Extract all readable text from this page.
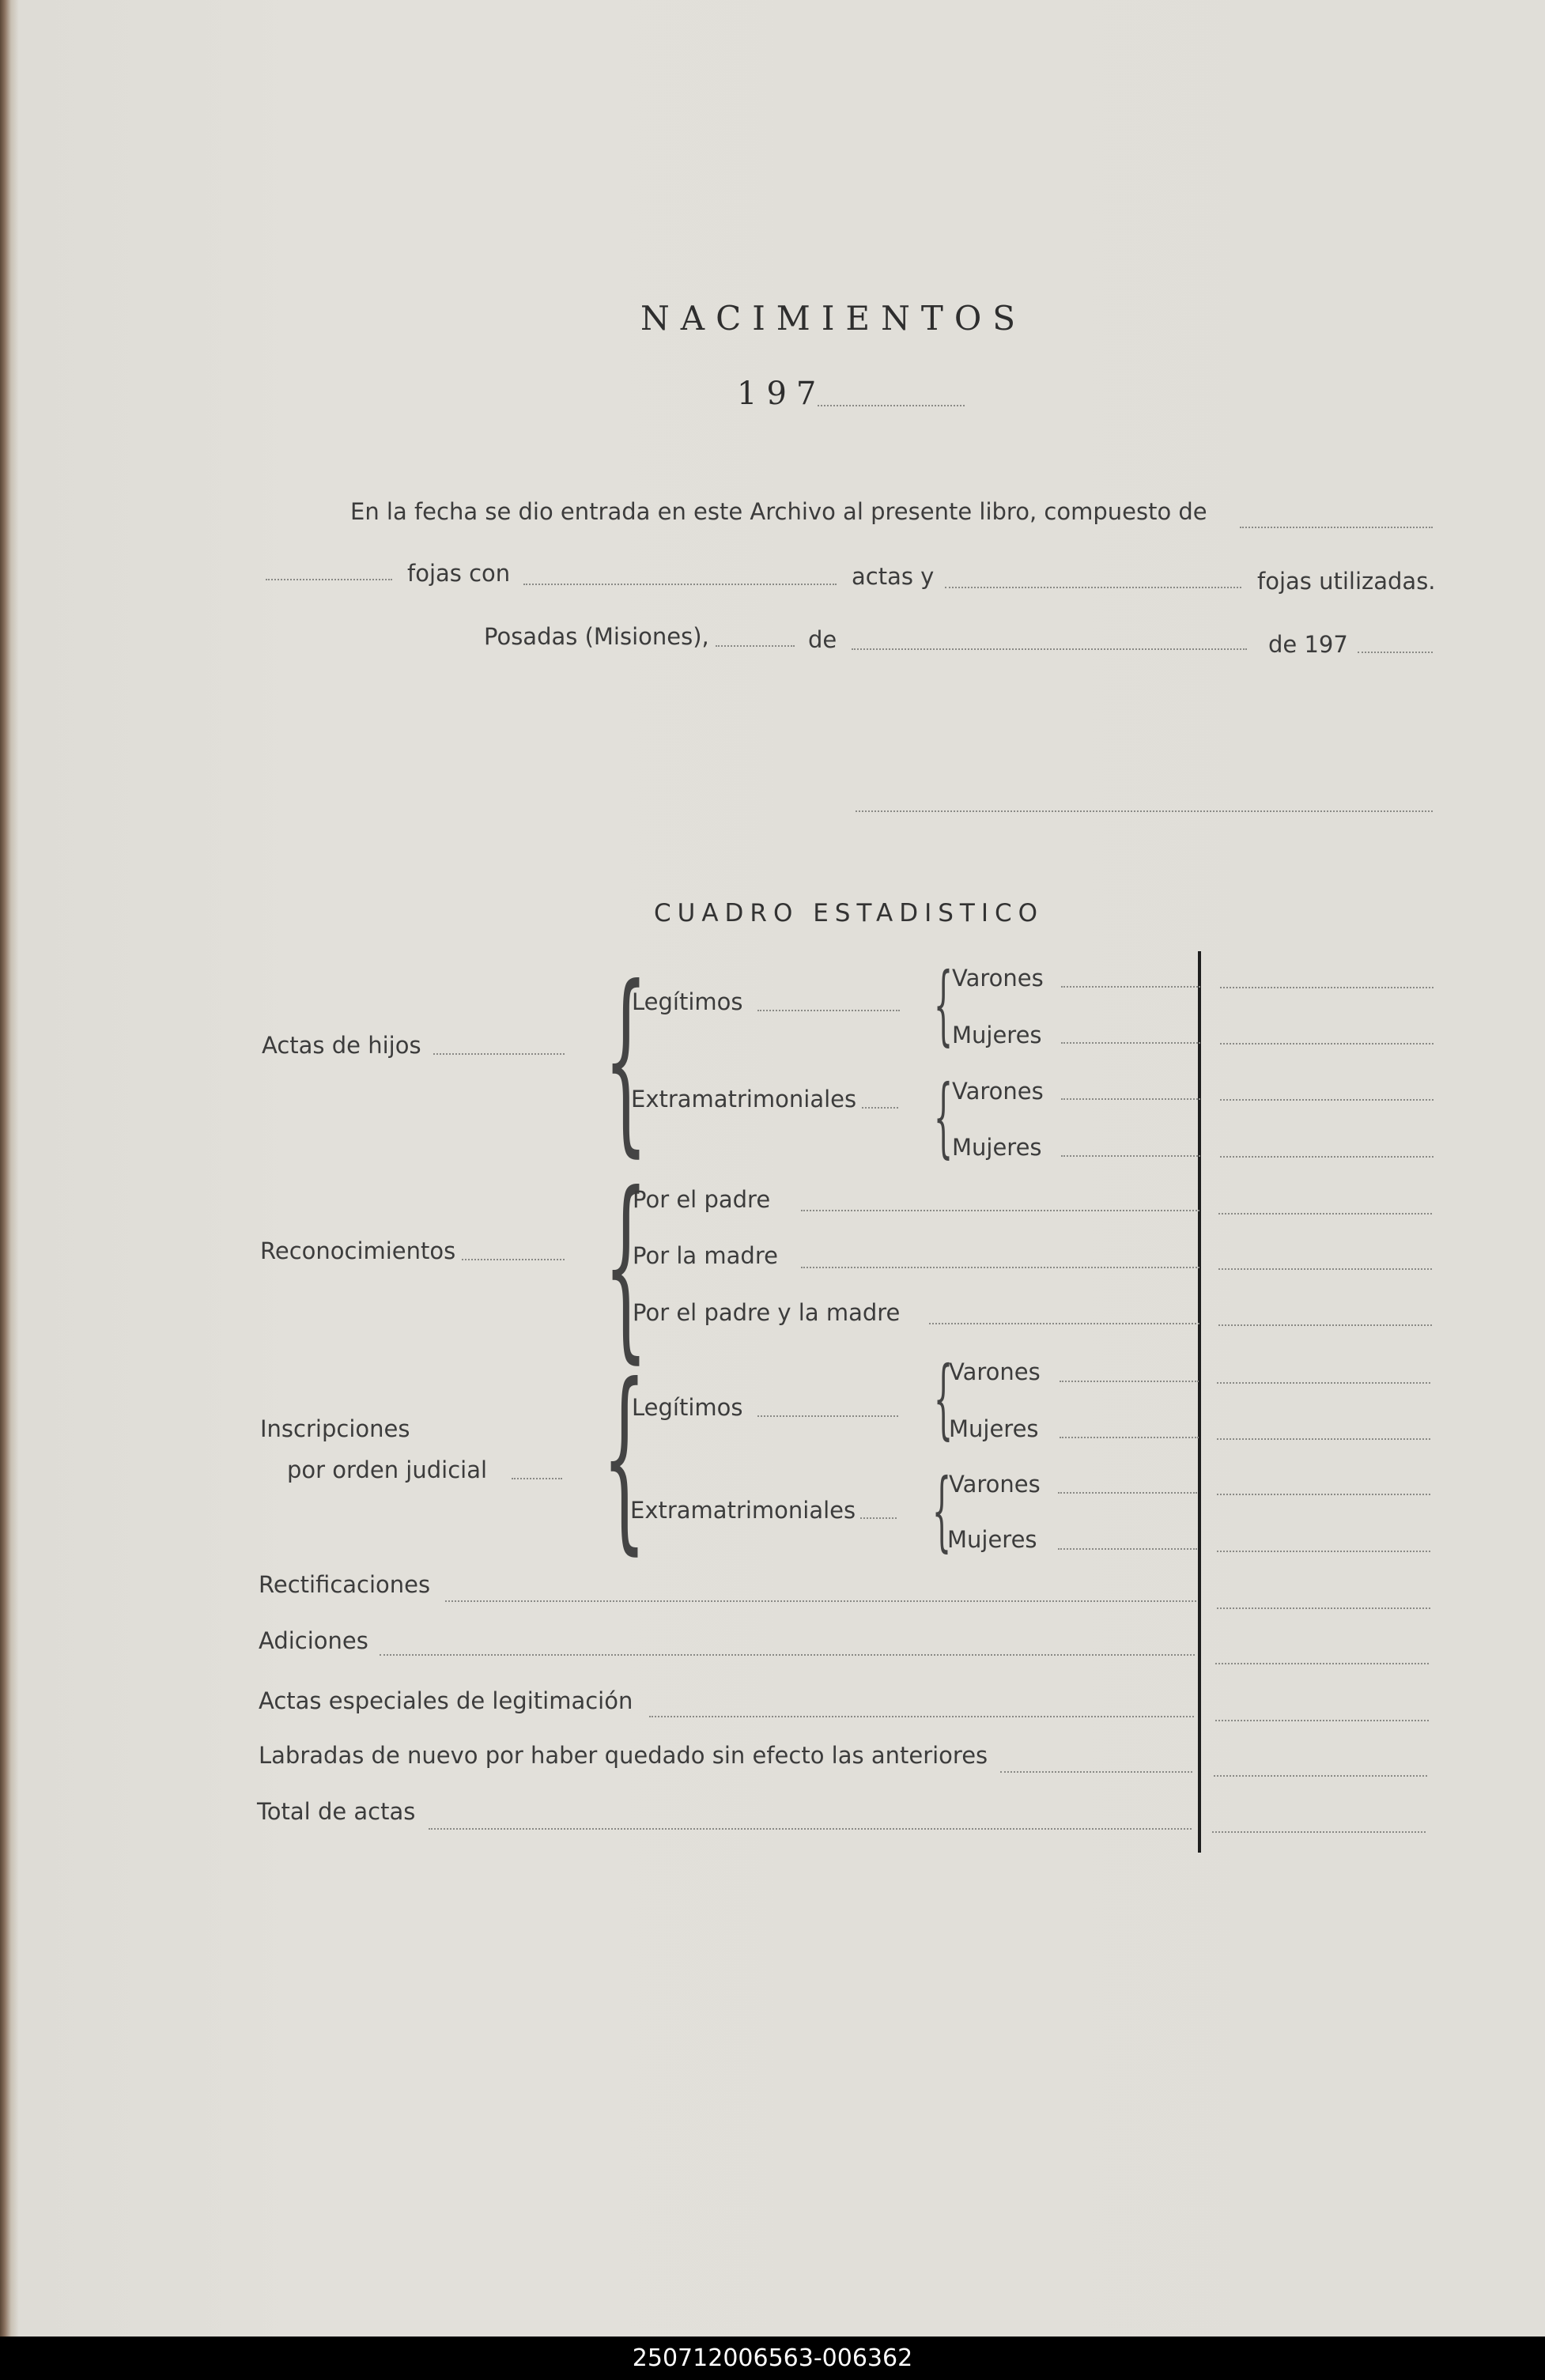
NACIMIENTOS
197
En la fecha se dio entrada en este Archivo al presente libro, compuesto de
fojas con	actas y	fojas utilizadas.
Posadas (Misiones),	de	de 197
CUADRO ESTADISTICO
Actas de hijos {
Legítimos {
Varones
Mujeres
Extramatrimoniales {
Varones
Mujeres
Reconocimientos {
Por el padre
Por la madre
Por el padre y la madre
Inscripciones
por orden judicial {
Legítimos {
Varones
Mujeres
Extramatrimoniales {
Varones
Mujeres
Rectificaciones
Adiciones
Actas especiales de legitimación
Labradas de nuevo por haber quedado sin efecto las anteriores
Total de actas
250712006563-006362
